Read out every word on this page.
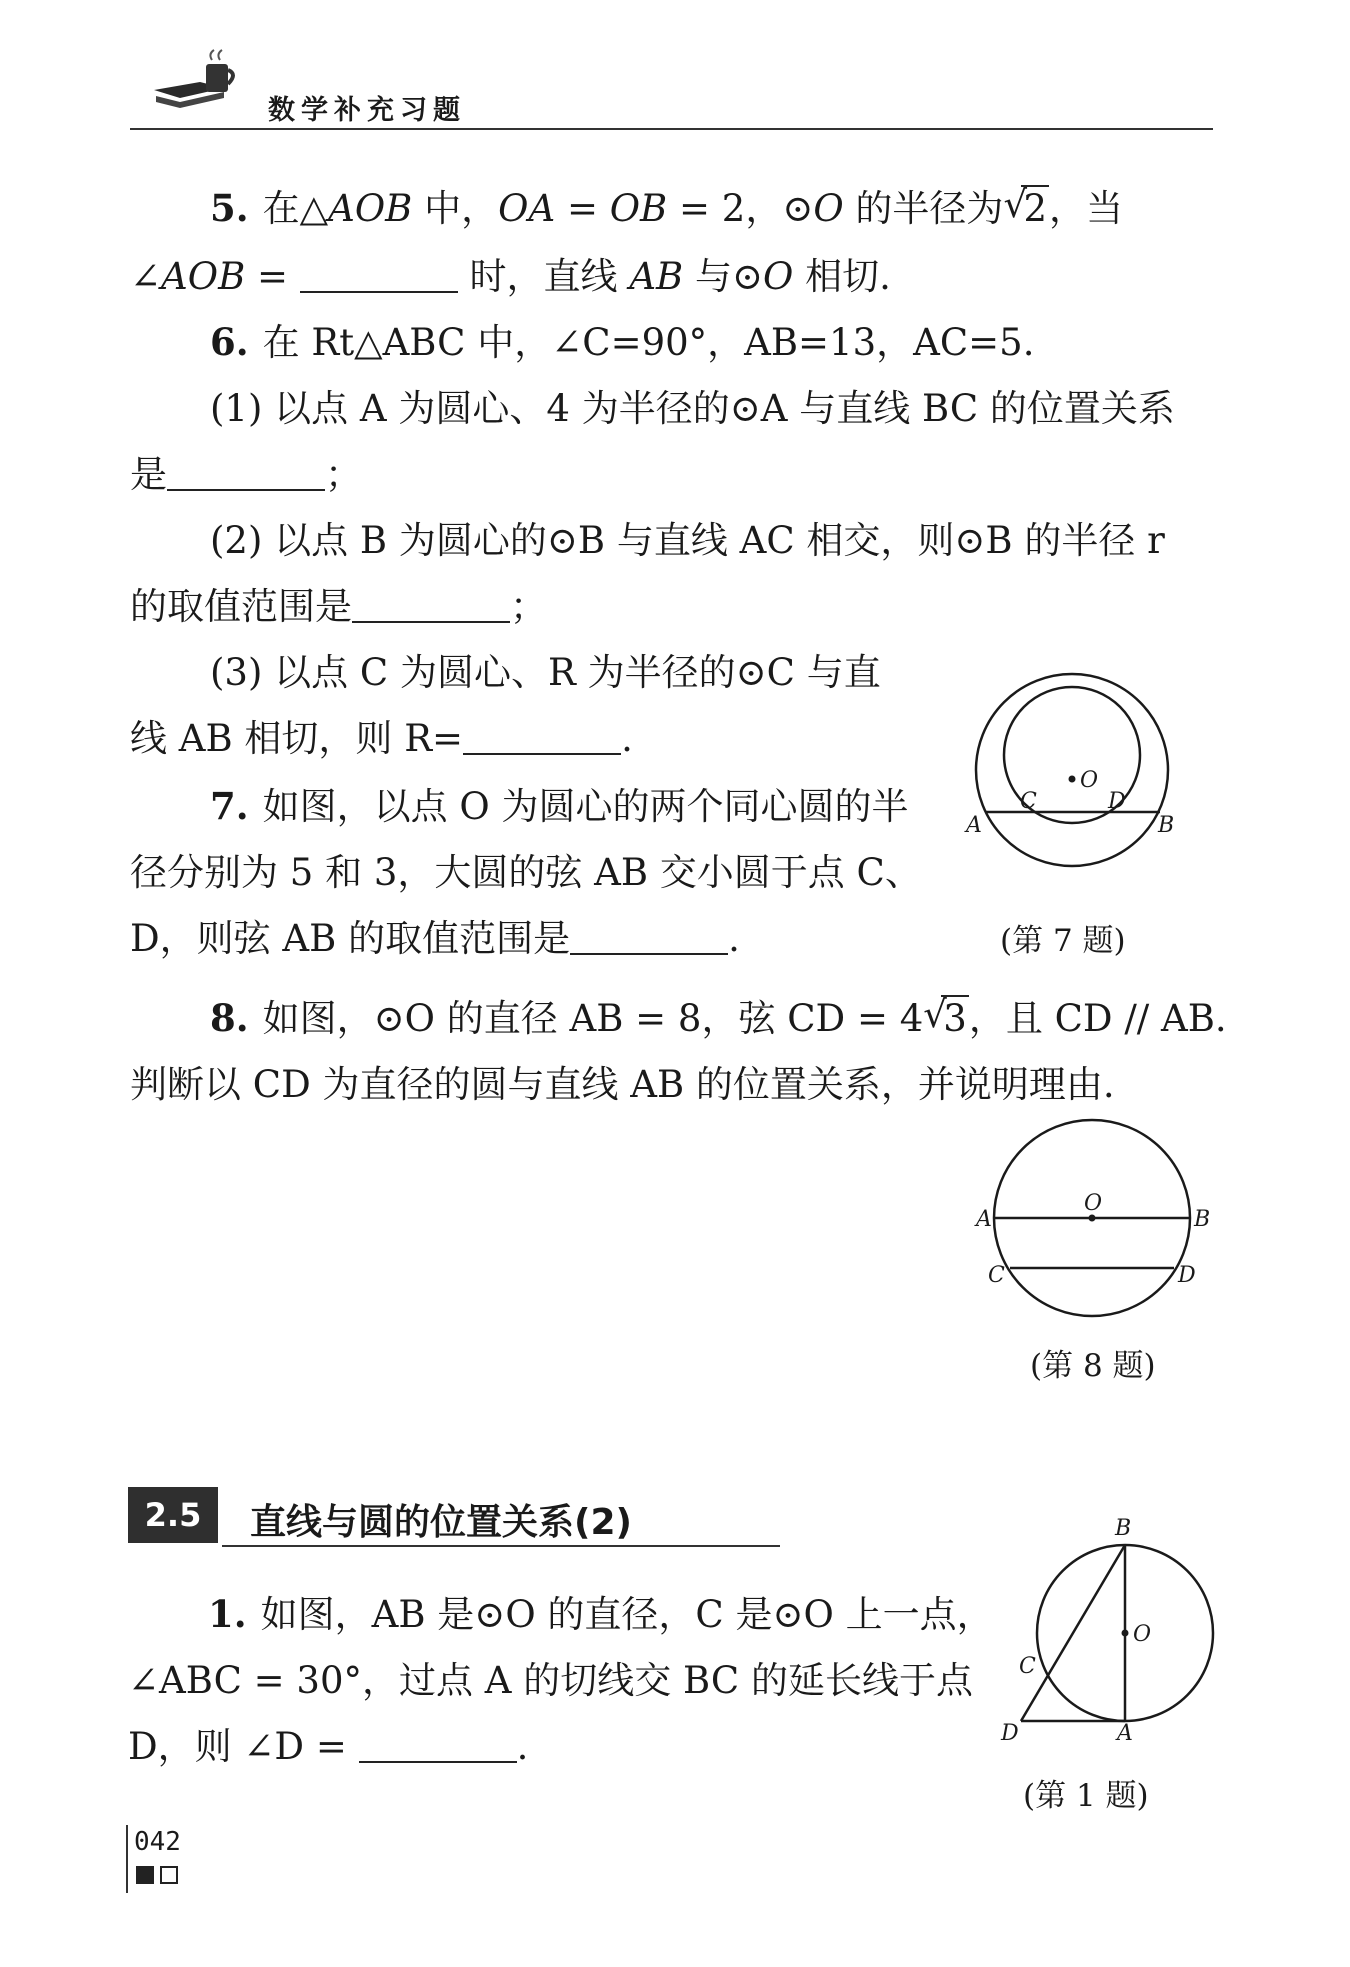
数学补充习题
5. 在△AOB 中，OA = OB = 2，⊙O 的半径为 √
2，当
∠AOB =	时，直线 AB 与⊙O 相切.
6. 在 Rt△ABC 中，∠C=90°，AB=13，AC=5.
(1) 以点 A 为圆心、4 为半径的⊙A 与直线 BC 的位置关系
是	；
(2) 以点 B 为圆心的⊙B 与直线 AC 相交，则⊙B 的半径 r
的取值范围是	；
(3) 以点 C 为圆心、R 为半径的⊙C 与直
线 AB 相切，则 R=	.
7. 如图，以点 O 为圆心的两个同心圆的半
径分别为 5 和 3，大圆的弦 AB 交小圆于点 C、
D，则弦 AB 的取值范围是	.
O
A	B
C	D
(第 7 题)
8. 如图，⊙O 的直径 AB = 8，弦 CD = 4 √
3，且 CD // AB.
判断以 CD 为直径的圆与直线 AB 的位置关系，并说明理由.
O
A	B
C	D
(第 8 题)
2.5	直线与圆的位置关系(2)
1. 如图，AB 是⊙O 的直径，C 是⊙O 上一点，
∠ABC = 30°，过点 A 的切线交 BC 的延长线于点
D，则 ∠D =	.
B
O
C
D	A
(第 1 题)
042
